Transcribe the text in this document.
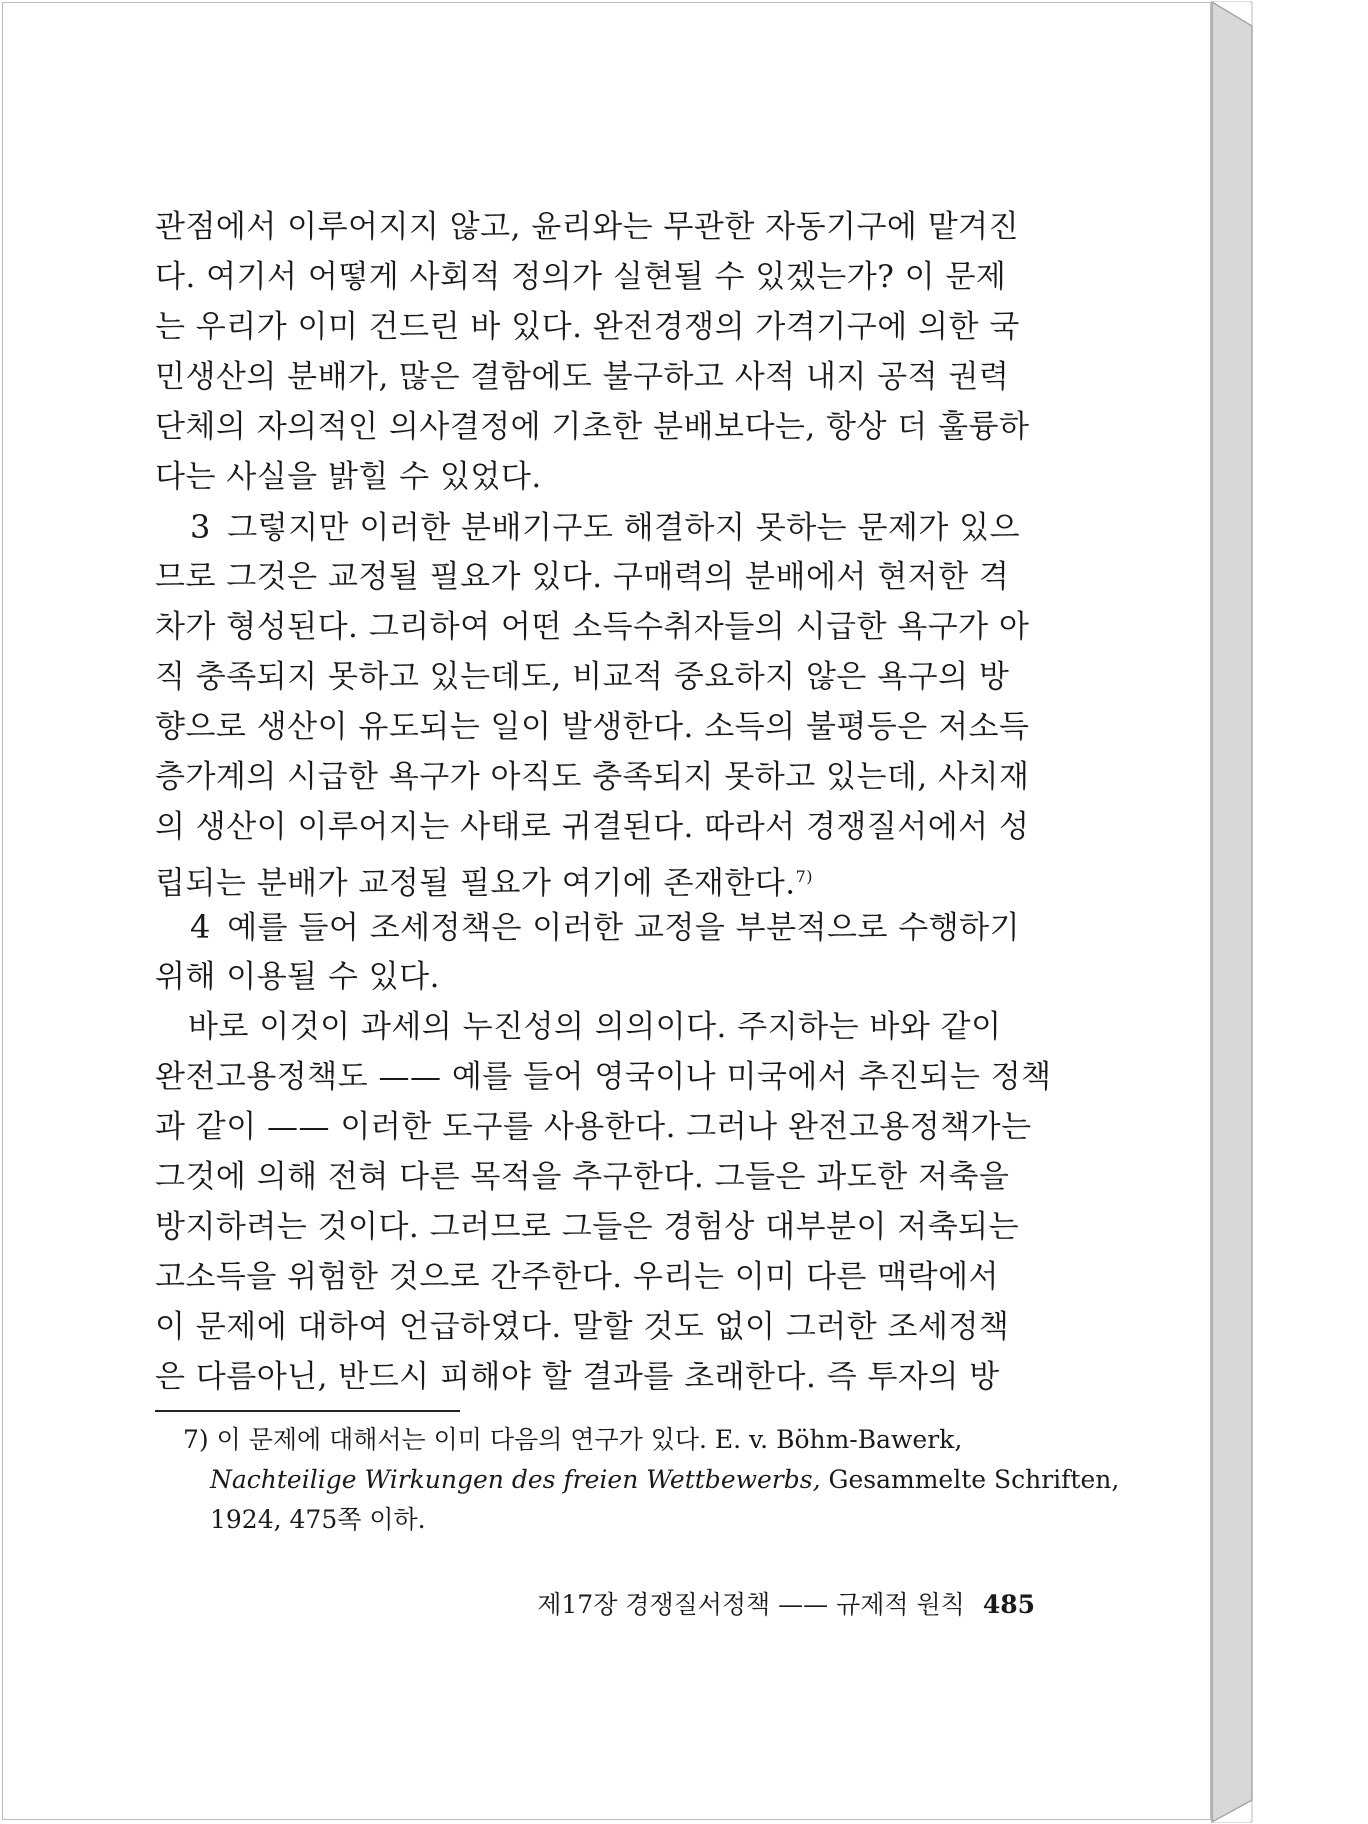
관점에서 이루어지지 않고, 윤리와는 무관한 자동기구에 맡겨진

다. 여기서 어떻게 사회적 정의가 실현될 수 있겠는가? 이 문제

는 우리가 이미 건드린 바 있다. 완전경쟁의 가격기구에 의한 국

민생산의 분배가, 많은 결함에도 불구하고 사적 내지 공적 권력

단체의 자의적인 의사결정에 기초한 분배보다는, 항상 더 훌륭하

다는 사실을 밝힐 수 있었다.

3 그렇지만 이러한 분배기구도 해결하지 못하는 문제가 있으

므로 그것은 교정될 필요가 있다. 구매력의 분배에서 현저한 격

차가 형성된다. 그리하여 어떤 소득수취자들의 시급한 욕구가 아

직 충족되지 못하고 있는데도, 비교적 중요하지 않은 욕구의 방

향으로 생산이 유도되는 일이 발생한다. 소득의 불평등은 저소득

층가계의 시급한 욕구가 아직도 충족되지 못하고 있는데, 사치재

의 생산이 이루어지는 사태로 귀결된다. 따라서 경쟁질서에서 성

립되는 분배가 교정될 필요가 여기에 존재한다.$^{7)}$

4 예를 들어 조세정책은 이러한 교정을 부분적으로 수행하기

위해 이용될 수 있다.

바로 이것이 과세의 누진성의 의의이다. 주지하는 바와 같이

완전고용정책도 —— 예를 들어 영국이나 미국에서 추진되는 정책

과 같이 —— 이러한 도구를 사용한다. 그러나 완전고용정책가는

그것에 의해 전혀 다른 목적을 추구한다. 그들은 과도한 저축을

방지하려는 것이다. 그러므로 그들은 경험상 대부분이 저축되는

고소득을 위험한 것으로 간주한다. 우리는 이미 다른 맥락에서

이 문제에 대하여 언급하였다. 말할 것도 없이 그러한 조세정책

은 다름아닌, 반드시 피해야 할 결과를 초래한다. 즉 투자의 방

7) 이 문제에 대해서는 이미 다음의 연구가 있다. E. v. Böhm-Bawerk,

Nachteilige Wirkungen des freien Wettbewerbs, Gesammelte Schriften,

1924, 475쪽 이하.

제17장 경쟁질서정책 —— 규제적 원칙 485
